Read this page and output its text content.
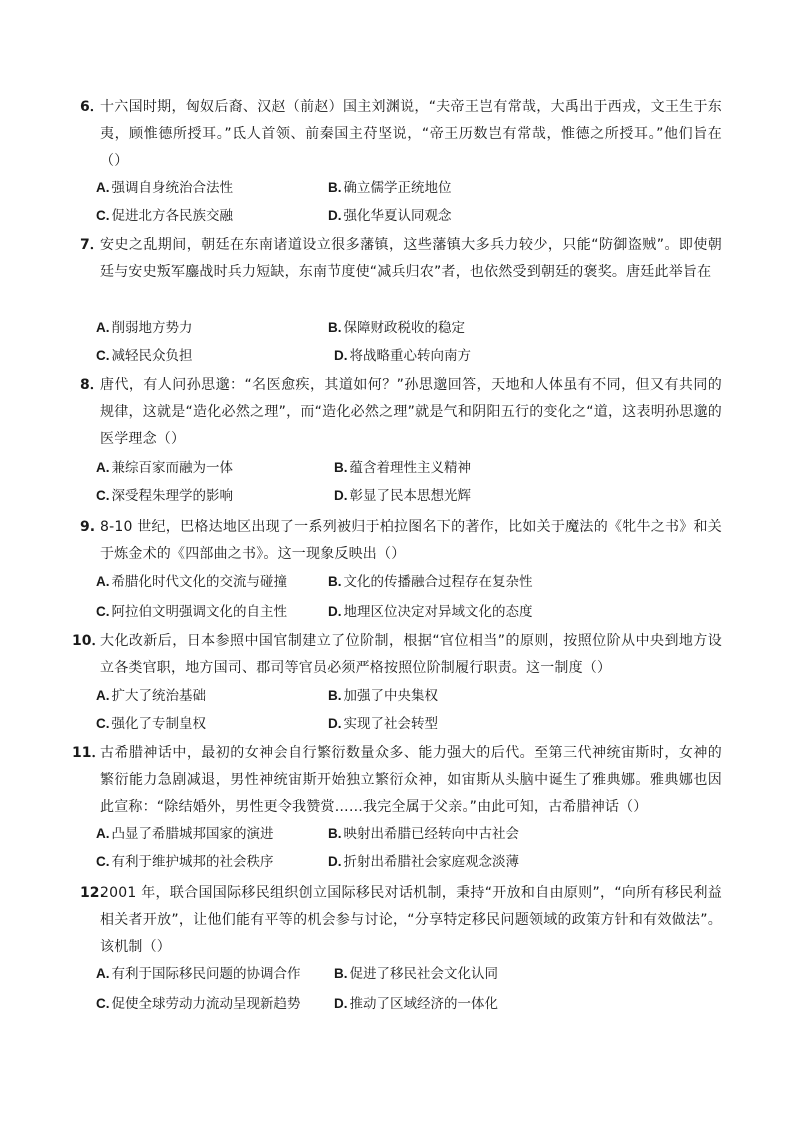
6．
十六国时期，匈奴后裔、汉赵（前赵）国主刘渊说，“夫帝王岂有常哉，大禹出于西戎，文王生于东夷，顾惟德所授耳。”氐人首领、前秦国主苻坚说，“帝王历数岂有常哉，惟德之所授耳。”他们旨在（）
A. 强调自身统治合法性	B. 确立儒学正统地位
C. 促进北方各民族交融	D. 强化华夏认同观念
7．
安史之乱期间，朝廷在东南诸道设立很多藩镇，这些藩镇大多兵力较少，只能“防御盗贼”。即使朝廷与安史叛军鏖战时兵力短缺，东南节度使“减兵归农”者，也依然受到朝廷的褒奖。唐廷此举旨在
A. 削弱地方势力	B. 保障财政税收的稳定
C. 减轻民众负担	D. 将战略重心转向南方
8．
唐代，有人问孙思邈：“名医愈疾，其道如何？”孙思邈回答，天地和人体虽有不同，但又有共同的规律，这就是“造化必然之理”，而“造化必然之理”就是气和阴阳五行的变化之“道，这表明孙思邈的医学理念（）
A. 兼综百家而融为一体	B. 蕴含着理性主义精神
C. 深受程朱理学的影响	D. 彰显了民本思想光辉
9. 8-10 世纪，巴格达地区出现了一系列被归于柏拉图名下的著作，比如关于魔法的《牝牛之书》和关于炼金术的《四部曲之书》。这一现象反映出（）
A. 希腊化时代文化的交流与碰撞	B. 文化的传播融合过程存在复杂性
C. 阿拉伯文明强调文化的自主性	D. 地理区位决定对异域文化的态度
10．
大化改新后，日本参照中国官制建立了位阶制，根据“官位相当”的原则，按照位阶从中央到地方设立各类官职，地方国司、郡司等官员必须严格按照位阶制履行职责。这一制度（）
A. 扩大了统治基础	B. 加强了中央集权
C. 强化了专制皇权	D. 实现了社会转型
11．
古希腊神话中，最初的女神会自行繁衍数量众多、能力强大的后代。至第三代神统宙斯时，女神的繁衍能力急剧减退，男性神统宙斯开始独立繁衍众神，如宙斯从头脑中诞生了雅典娜。雅典娜也因此宣称：“除结婚外，男性更令我赞赏……我完全属于父亲。”由此可知，古希腊神话（）
A. 凸显了希腊城邦国家的演进	B. 映射出希腊已经转向中古社会
C. 有利于维护城邦的社会秩序	D. 折射出希腊社会家庭观念淡薄
12.
2001 年，联合国国际移民组织创立国际移民对话机制，秉持“开放和自由原则”，“向所有移民利益相关者开放”，让他们能有平等的机会参与讨论，“分享特定移民问题领域的政策方针和有效做法”。该机制（）
A. 有利于国际移民问题的协调合作 B. 促进了移民社会文化认同
C. 促使全球劳动力流动呈现新趋势 D. 推动了区域经济的一体化
